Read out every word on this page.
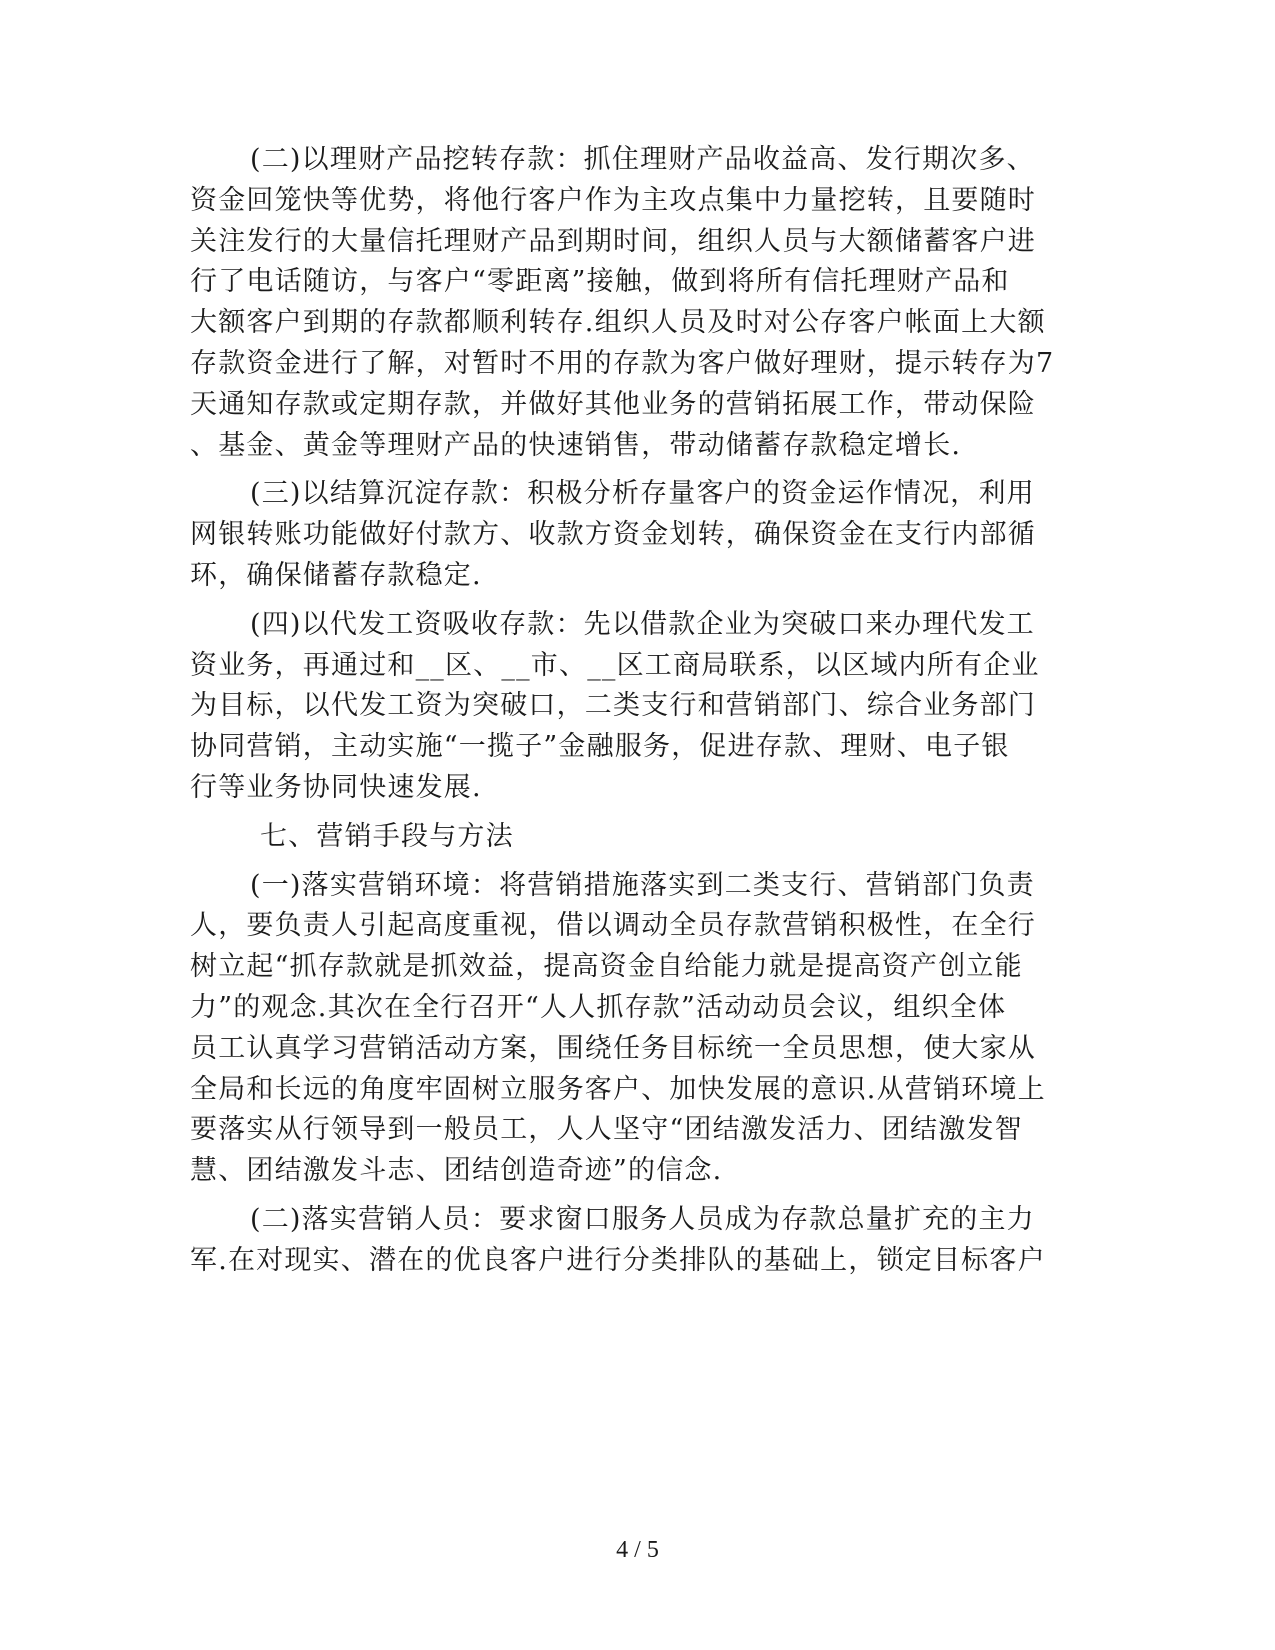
(二)以理财产品挖转存款：抓住理财产品收益高、发行期次多、
资金回笼快等优势，将他行客户作为主攻点集中力量挖转，且要随时
关注发行的大量信托理财产品到期时间，组织人员与大额储蓄客户进
行了电话随访，与客户“零距离”接触，做到将所有信托理财产品和
大额客户到期的存款都顺利转存.组织人员及时对公存客户帐面上大额
存款资金进行了解，对暂时不用的存款为客户做好理财，提示转存为7
天通知存款或定期存款，并做好其他业务的营销拓展工作，带动保险
、基金、黄金等理财产品的快速销售，带动储蓄存款稳定增长.
(三)以结算沉淀存款：积极分析存量客户的资金运作情况，利用
网银转账功能做好付款方、收款方资金划转，确保资金在支行内部循
环，确保储蓄存款稳定.
(四)以代发工资吸收存款：先以借款企业为突破口来办理代发工
资业务，再通过和__区、__市、__区工商局联系，以区域内所有企业
为目标，以代发工资为突破口，二类支行和营销部门、综合业务部门
协同营销，主动实施“一揽子”金融服务，促进存款、理财、电子银
行等业务协同快速发展.
七、营销手段与方法
(一)落实营销环境：将营销措施落实到二类支行、营销部门负责
人，要负责人引起高度重视，借以调动全员存款营销积极性，在全行
树立起“抓存款就是抓效益，提高资金自给能力就是提高资产创立能
力”的观念.其次在全行召开“人人抓存款”活动动员会议，组织全体
员工认真学习营销活动方案，围绕任务目标统一全员思想，使大家从
全局和长远的角度牢固树立服务客户、加快发展的意识.从营销环境上
要落实从行领导到一般员工，人人坚守“团结激发活力、团结激发智
慧、团结激发斗志、团结创造奇迹”的信念.
(二)落实营销人员：要求窗口服务人员成为存款总量扩充的主力
军.在对现实、潜在的优良客户进行分类排队的基础上，锁定目标客户
4 / 5
